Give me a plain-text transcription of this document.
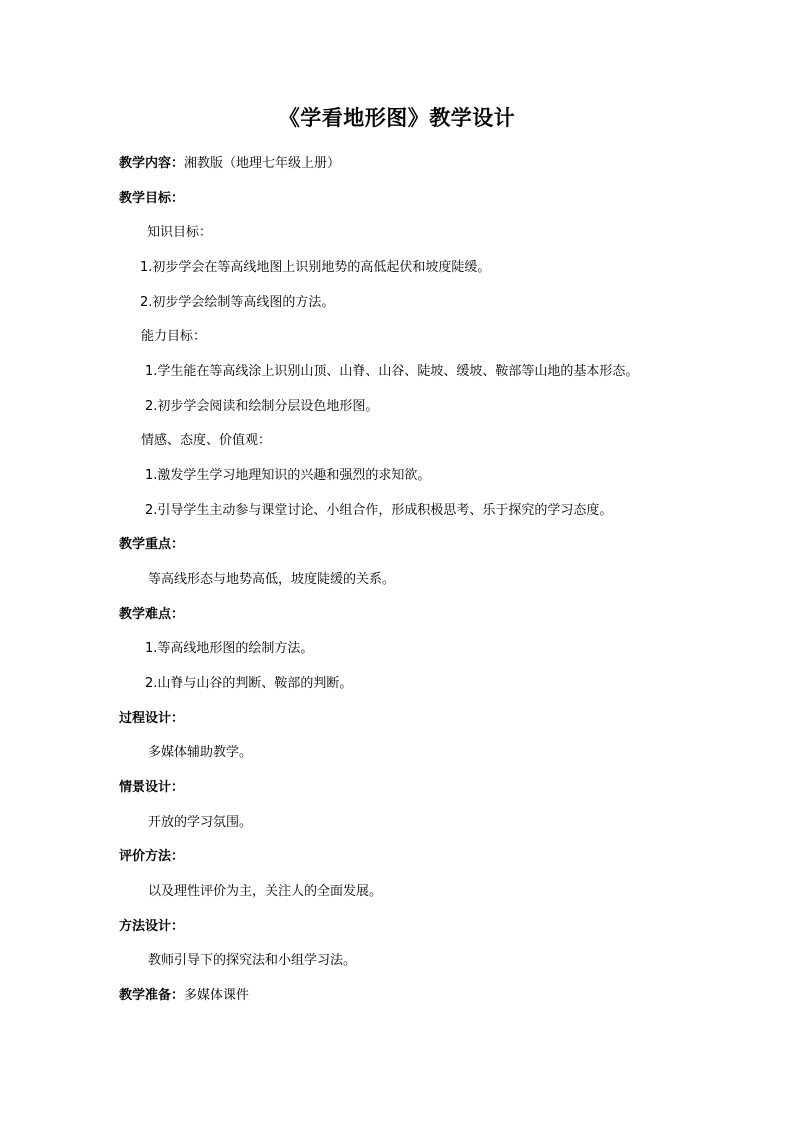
《学看地形图》教学设计
教学内容：湘教版（地理七年级上册）
教学目标：
知识目标：
1.初步学会在等高线地图上识别地势的高低起伏和坡度陡缓。
2.初步学会绘制等高线图的方法。
能力目标：
1.学生能在等高线涂上识别山顶、山脊、山谷、陡坡、缓坡、鞍部等山地的基本形态。
2.初步学会阅读和绘制分层设色地形图。
情感、态度、价值观：
1.激发学生学习地理知识的兴趣和强烈的求知欲。
2.引导学生主动参与课堂讨论、小组合作，形成积极思考、乐于探究的学习态度。
教学重点：
等高线形态与地势高低，坡度陡缓的关系。
教学难点：
1.等高线地形图的绘制方法。
2.山脊与山谷的判断、鞍部的判断。
过程设计：
多媒体辅助教学。
情景设计：
开放的学习氛围。
评价方法：
以及理性评价为主，关注人的全面发展。
方法设计：
教师引导下的探究法和小组学习法。
教学准备：多媒体课件
